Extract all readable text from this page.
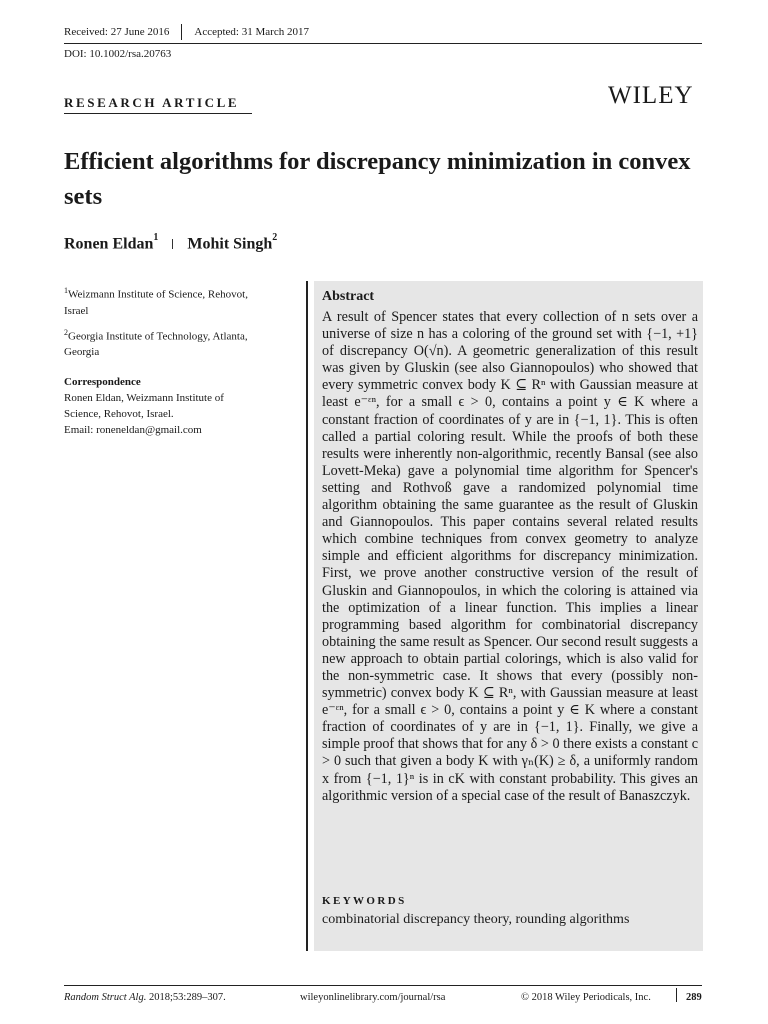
Received: 27 June 2016 Accepted: 31 March 2017
DOI: 10.1002/rsa.20763
RESEARCH ARTICLE	WILEY
Efficient algorithms for discrepancy minimization in convex sets
Ronen Eldan$^1$ Mohit Singh$^2$

$^1$Weizmann Institute of Science, Rehovot, Israel

$^2$Georgia Institute of Technology, Atlanta, Georgia

Correspondence
Ronen Eldan, Weizmann Institute of
Science, Rehovot, Israel.
Email: roneneldan@gmail.com
Abstract
A result of Spencer states that every collection of n sets over a universe of size n has a coloring of the ground set with {−1, +1} of discrepancy O(√n). A geometric generalization of this result was given by Gluskin (see also Giannopoulos) who showed that every symmetric convex body K ⊆ Rⁿ with Gaussian measure at least e⁻ᵋⁿ, for a small ϵ > 0, contains a point y ∈ K where a constant fraction of coordinates of y are in {−1, 1}. This is often called a partial coloring result. While the proofs of both these results were inherently non-algorithmic, recently Bansal (see also Lovett-Meka) gave a polynomial time algorithm for Spencer's setting and Rothvoß gave a randomized polynomial time algorithm obtaining the same guarantee as the result of Gluskin and Giannopoulos. This paper contains several related results which combine techniques from convex geometry to analyze simple and efficient algorithms for discrepancy minimization. First, we prove another constructive version of the result of Gluskin and Giannopoulos, in which the coloring is attained via the optimization of a linear function. This implies a linear programming based algorithm for combinatorial discrepancy obtaining the same result as Spencer. Our second result suggests a new approach to obtain partial colorings, which is also valid for the non-symmetric case. It shows that every (possibly non-symmetric) convex body K ⊆ Rⁿ, with Gaussian measure at least e⁻ᵋⁿ, for a small ϵ > 0, contains a point y ∈ K where a constant fraction of coordinates of y are in {−1, 1}. Finally, we give a simple proof that shows that for any δ > 0 there exists a constant c > 0 such that given a body K with γₙ(K) ≥ δ, a uniformly random x from {−1, 1}ⁿ is in cK with constant probability. This gives an algorithmic version of a special case of the result of Banaszczyk.
KEYWORDS
combinatorial discrepancy theory, rounding algorithms
Random Struct Alg. 2018;53:289–307.	wileyonlinelibrary.com/journal/rsa	© 2018 Wiley Periodicals, Inc.	289
